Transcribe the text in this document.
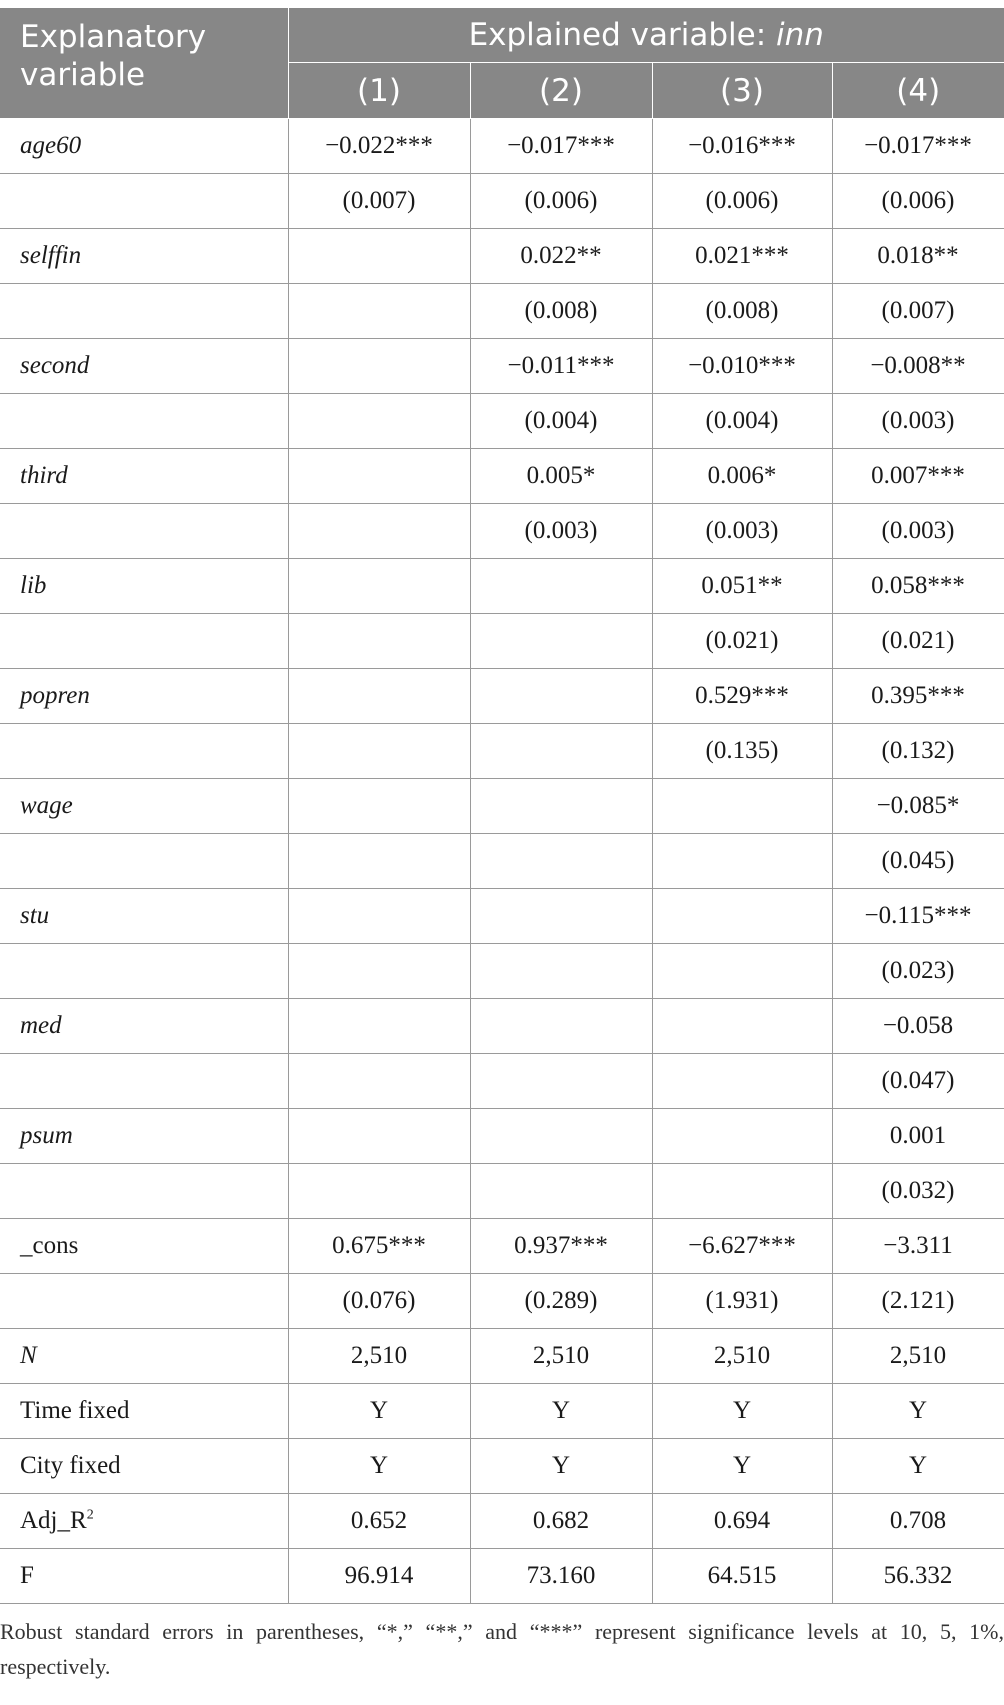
Explanatory
variable	Explained variable: inn			
	(1)	(2)	(3)	(4)
age60	−0.022***	−0.017***	−0.016***	−0.017***
	(0.007)	(0.006)	(0.006)	(0.006)
selffin		0.022**	0.021***	0.018**
		(0.008)	(0.008)	(0.007)
second		−0.011***	−0.010***	−0.008**
		(0.004)	(0.004)	(0.003)
third		0.005*	0.006*	0.007***
		(0.003)	(0.003)	(0.003)
lib			0.051**	0.058***
			(0.021)	(0.021)
popren			0.529***	0.395***
			(0.135)	(0.132)
wage				−0.085*
				(0.045)
stu				−0.115***
				(0.023)
med				−0.058
				(0.047)
psum				0.001
				(0.032)
_cons	0.675***	0.937***	−6.627***	−3.311
	(0.076)	(0.289)	(1.931)	(2.121)
N	2,510	2,510	2,510	2,510
Time fixed	Y	Y	Y	Y
City fixed	Y	Y	Y	Y
$Adj\_R^2$	0.652	0.682	0.694	0.708
F	96.914	73.160	64.515	56.332
Robust standard errors in parentheses, “*,” “**,” and “***” represent significance levels at 10, 5, 1%, respectively.
